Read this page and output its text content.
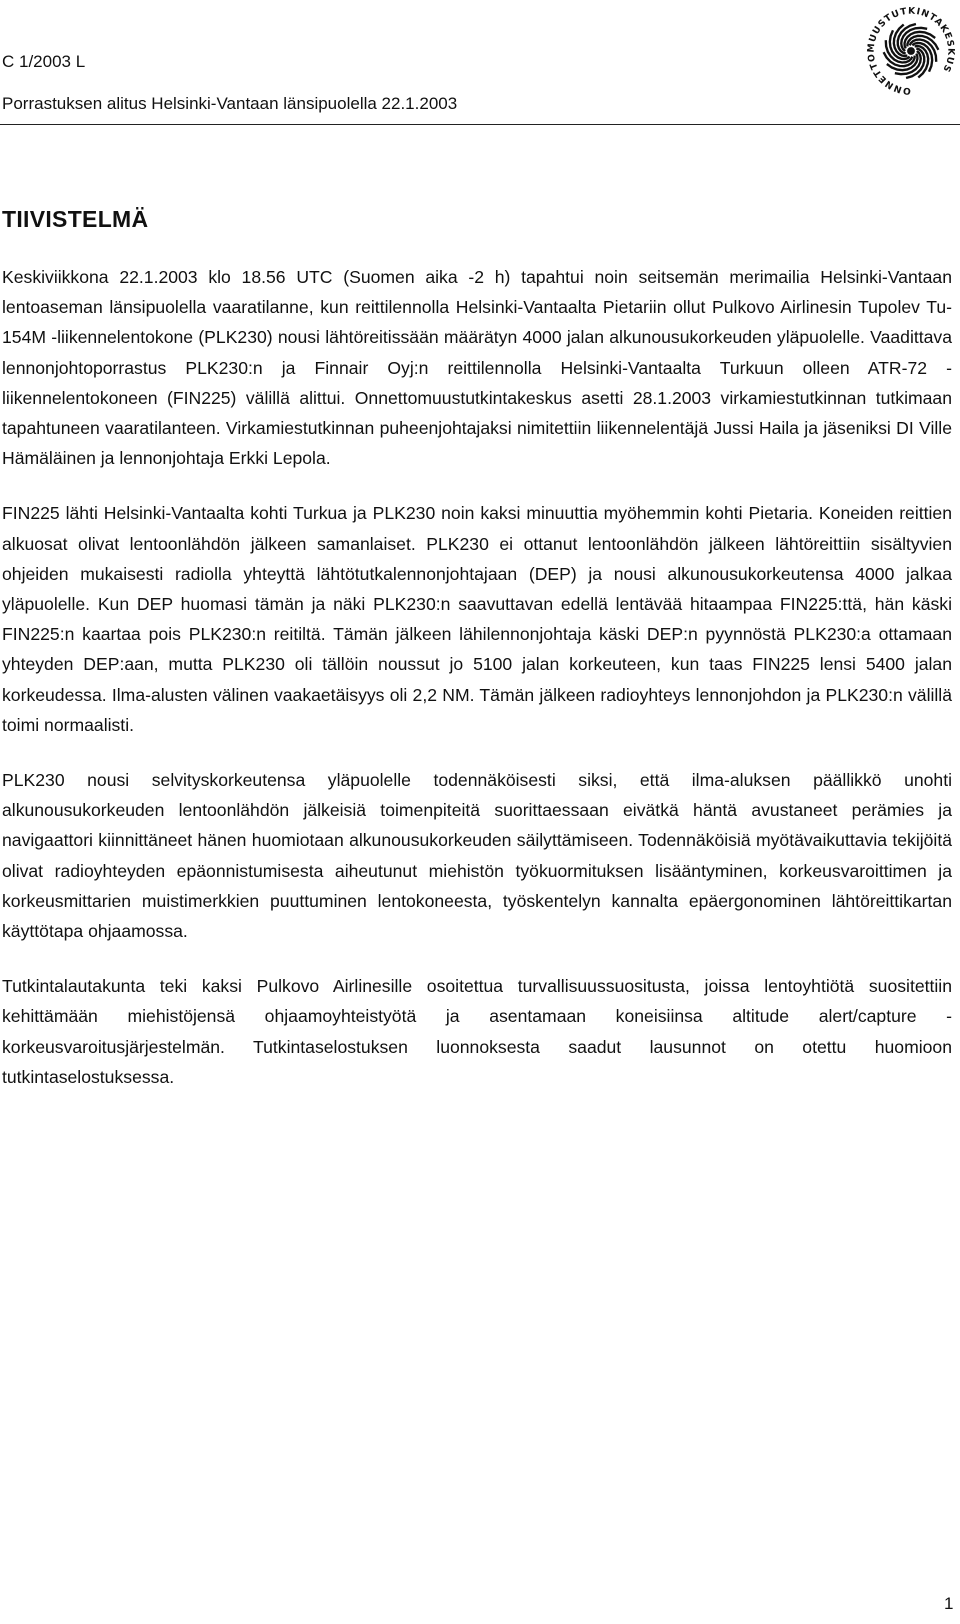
C 1/2003 L
Porrastuksen alitus Helsinki-Vantaan länsipuolella 22.1.2003
ONNETTOMUUSTUTKINTAKESKUS
TIIVISTELMÄ

Keskiviikkona 22.1.2003 klo 18.56 UTC (Suomen aika -2 h) tapahtui noin seitsemän merimailia Helsinki-Vantaan lentoaseman länsipuolella vaaratilanne, kun reittilennolla Helsinki-Vantaalta Pietariin ollut Pulkovo Airlinesin Tupolev Tu-154M -liikennelentokone (PLK230) nousi lähtöreitissään määrätyn 4000 jalan alkunousukorkeuden yläpuolelle. Vaadittava lennonjohtoporrastus PLK230:n ja Finnair Oyj:n reittilennolla Helsinki-Vantaalta Turkuun olleen ATR-72 -liikennelentokoneen (FIN225) välillä alittui. Onnettomuustutkintakeskus asetti 28.1.2003 virkamiestutkinnan tutkimaan tapahtuneen vaaratilanteen. Virkamiestutkinnan puheenjohtajaksi nimitettiin liikennelentäjä Jussi Haila ja jäseniksi DI Ville Hämäläinen ja lennonjohtaja Erkki Lepola.

FIN225 lähti Helsinki-Vantaalta kohti Turkua ja PLK230 noin kaksi minuuttia myöhemmin kohti Pietaria. Koneiden reittien alkuosat olivat lentoonlähdön jälkeen samanlaiset. PLK230 ei ottanut lentoonlähdön jälkeen lähtöreittiin sisältyvien ohjeiden mukaisesti radiolla yhteyttä lähtötutkalennonjohtajaan (DEP) ja nousi alkunousukorkeutensa 4000 jalkaa yläpuolelle. Kun DEP huomasi tämän ja näki PLK230:n saavuttavan edellä lentävää hitaampaa FIN225:ttä, hän käski FIN225:n kaartaa pois PLK230:n reitiltä. Tämän jälkeen lähilennonjohtaja käski DEP:n pyynnöstä PLK230:a ottamaan yhteyden DEP:aan, mutta PLK230 oli tällöin noussut jo 5100 jalan korkeuteen, kun taas FIN225 lensi 5400 jalan korkeudessa. Ilma-alusten välinen vaakaetäisyys oli 2,2 NM. Tämän jälkeen radioyhteys lennonjohdon ja PLK230:n välillä toimi normaalisti.

PLK230 nousi selvityskorkeutensa yläpuolelle todennäköisesti siksi, että ilma-aluksen päällikkö unohti alkunousukorkeuden lentoonlähdön jälkeisiä toimenpiteitä suorittaessaan eivätkä häntä avustaneet perämies ja navigaattori kiinnittäneet hänen huomiotaan alkunousukorkeuden säilyttämiseen. Todennäköisiä myötävaikuttavia tekijöitä olivat radioyhteyden epäonnistumisesta aiheutunut miehistön työkuormituksen lisääntyminen, korkeusvaroittimen ja korkeusmittarien muistimerkkien puuttuminen lentokoneesta, työskentelyn kannalta epäergonominen lähtöreittikartan käyttötapa ohjaamossa.

Tutkintalautakunta teki kaksi Pulkovo Airlinesille osoitettua turvallisuussuositusta, joissa lentoyhtiötä suositettiin kehittämään miehistöjensä ohjaamoyhteistyötä ja asentamaan koneisiinsa altitude alert/capture -korkeusvaroitusjärjestelmän. Tutkintaselostuksen luonnoksesta saadut lausunnot on otettu huomioon tutkintaselostuksessa.

1
